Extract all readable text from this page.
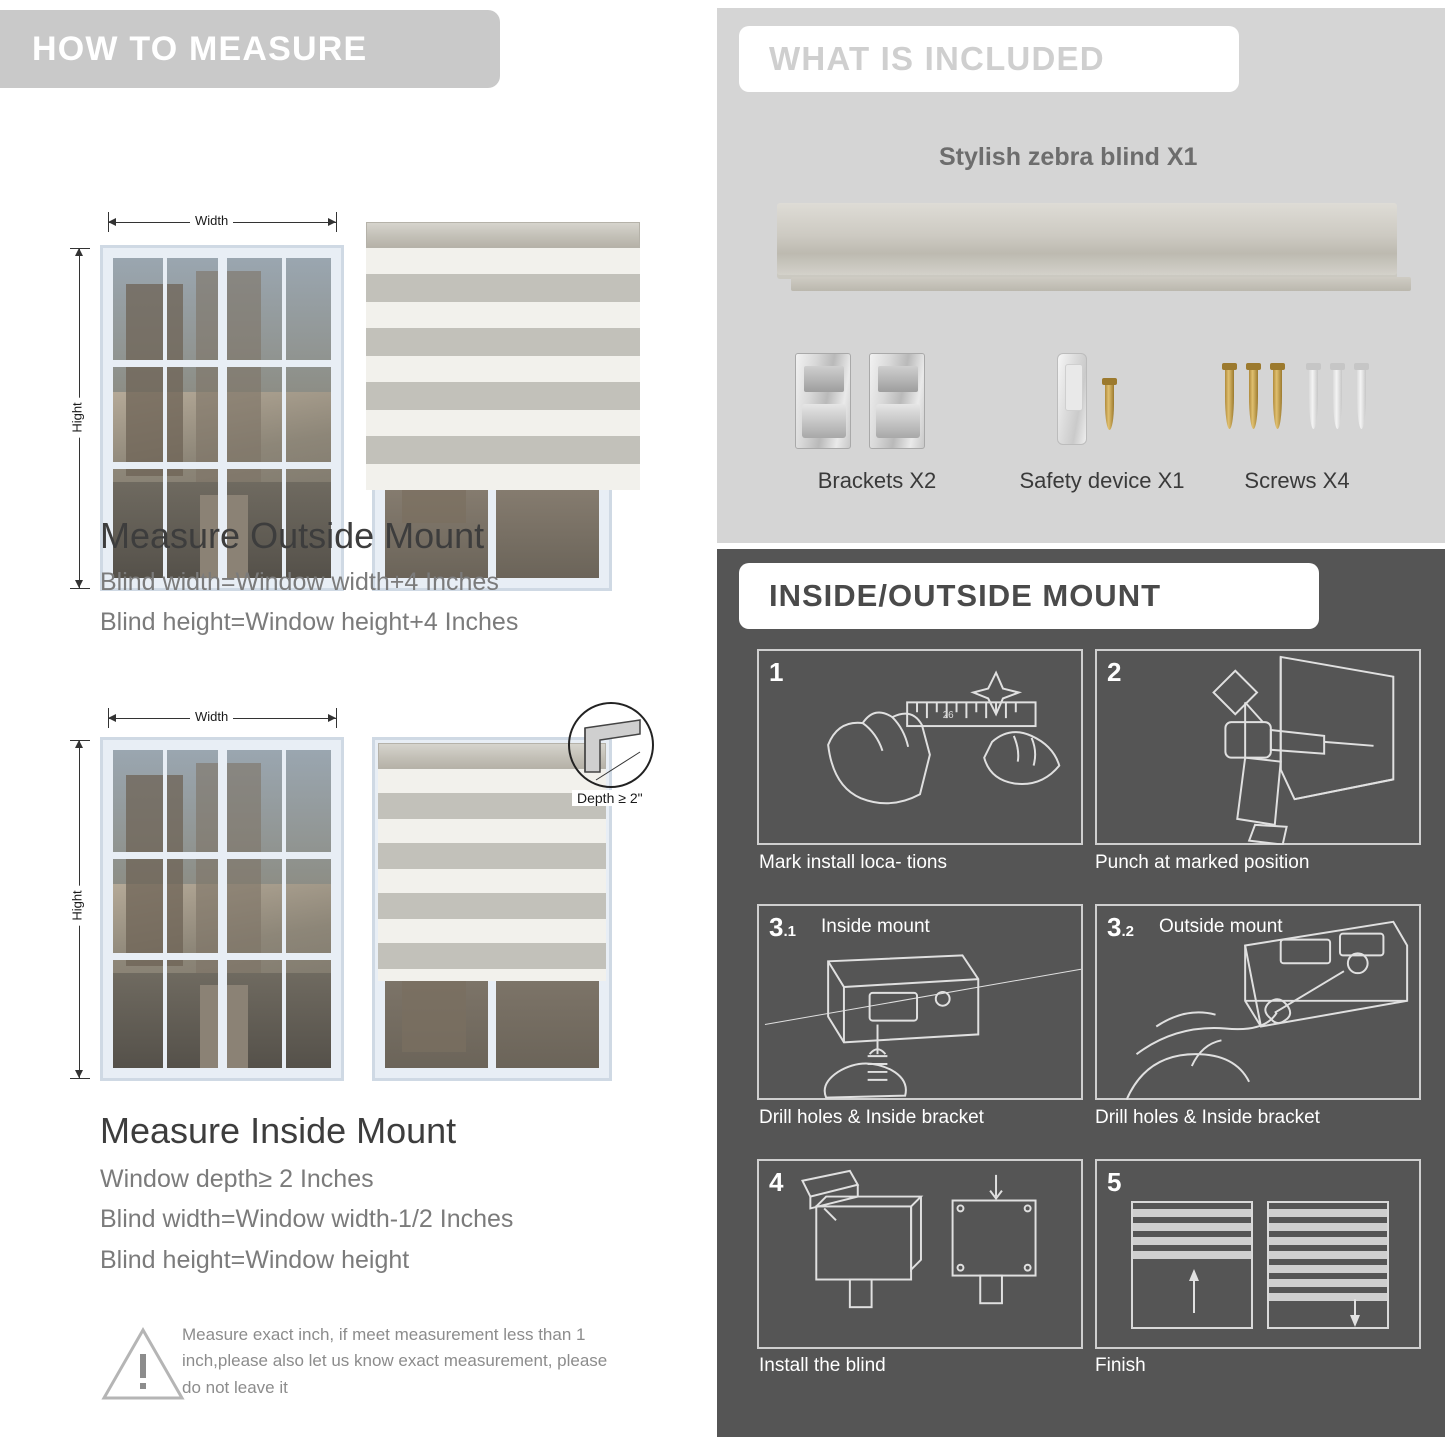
HOW TO MEASURE
Width
Hight
Measure Outside Mount
Blind width=Window width+4 Inches
Blind height=Window height+4 Inches
Width
Hight
Depth ≥ 2"
Measure Inside Mount
Window depth≥ 2 Inches
Blind width=Window width-1/2 Inches
Blind height=Window height
Measure exact inch, if meet measurement less than 1 inch,please also let us know exact measurement, please do not leave it
WHAT IS INCLUDED
Stylish zebra blind X1
Brackets X2	Safety device X1	Screws X4
INSIDE/OUTSIDE MOUNT
1
26
Mark install loca- tions
2
Punch at marked position
3.1 Inside mount
Drill holes & Inside bracket
3.2 Outside mount
Drill holes & Inside bracket
4
Install the blind
5
Finish
